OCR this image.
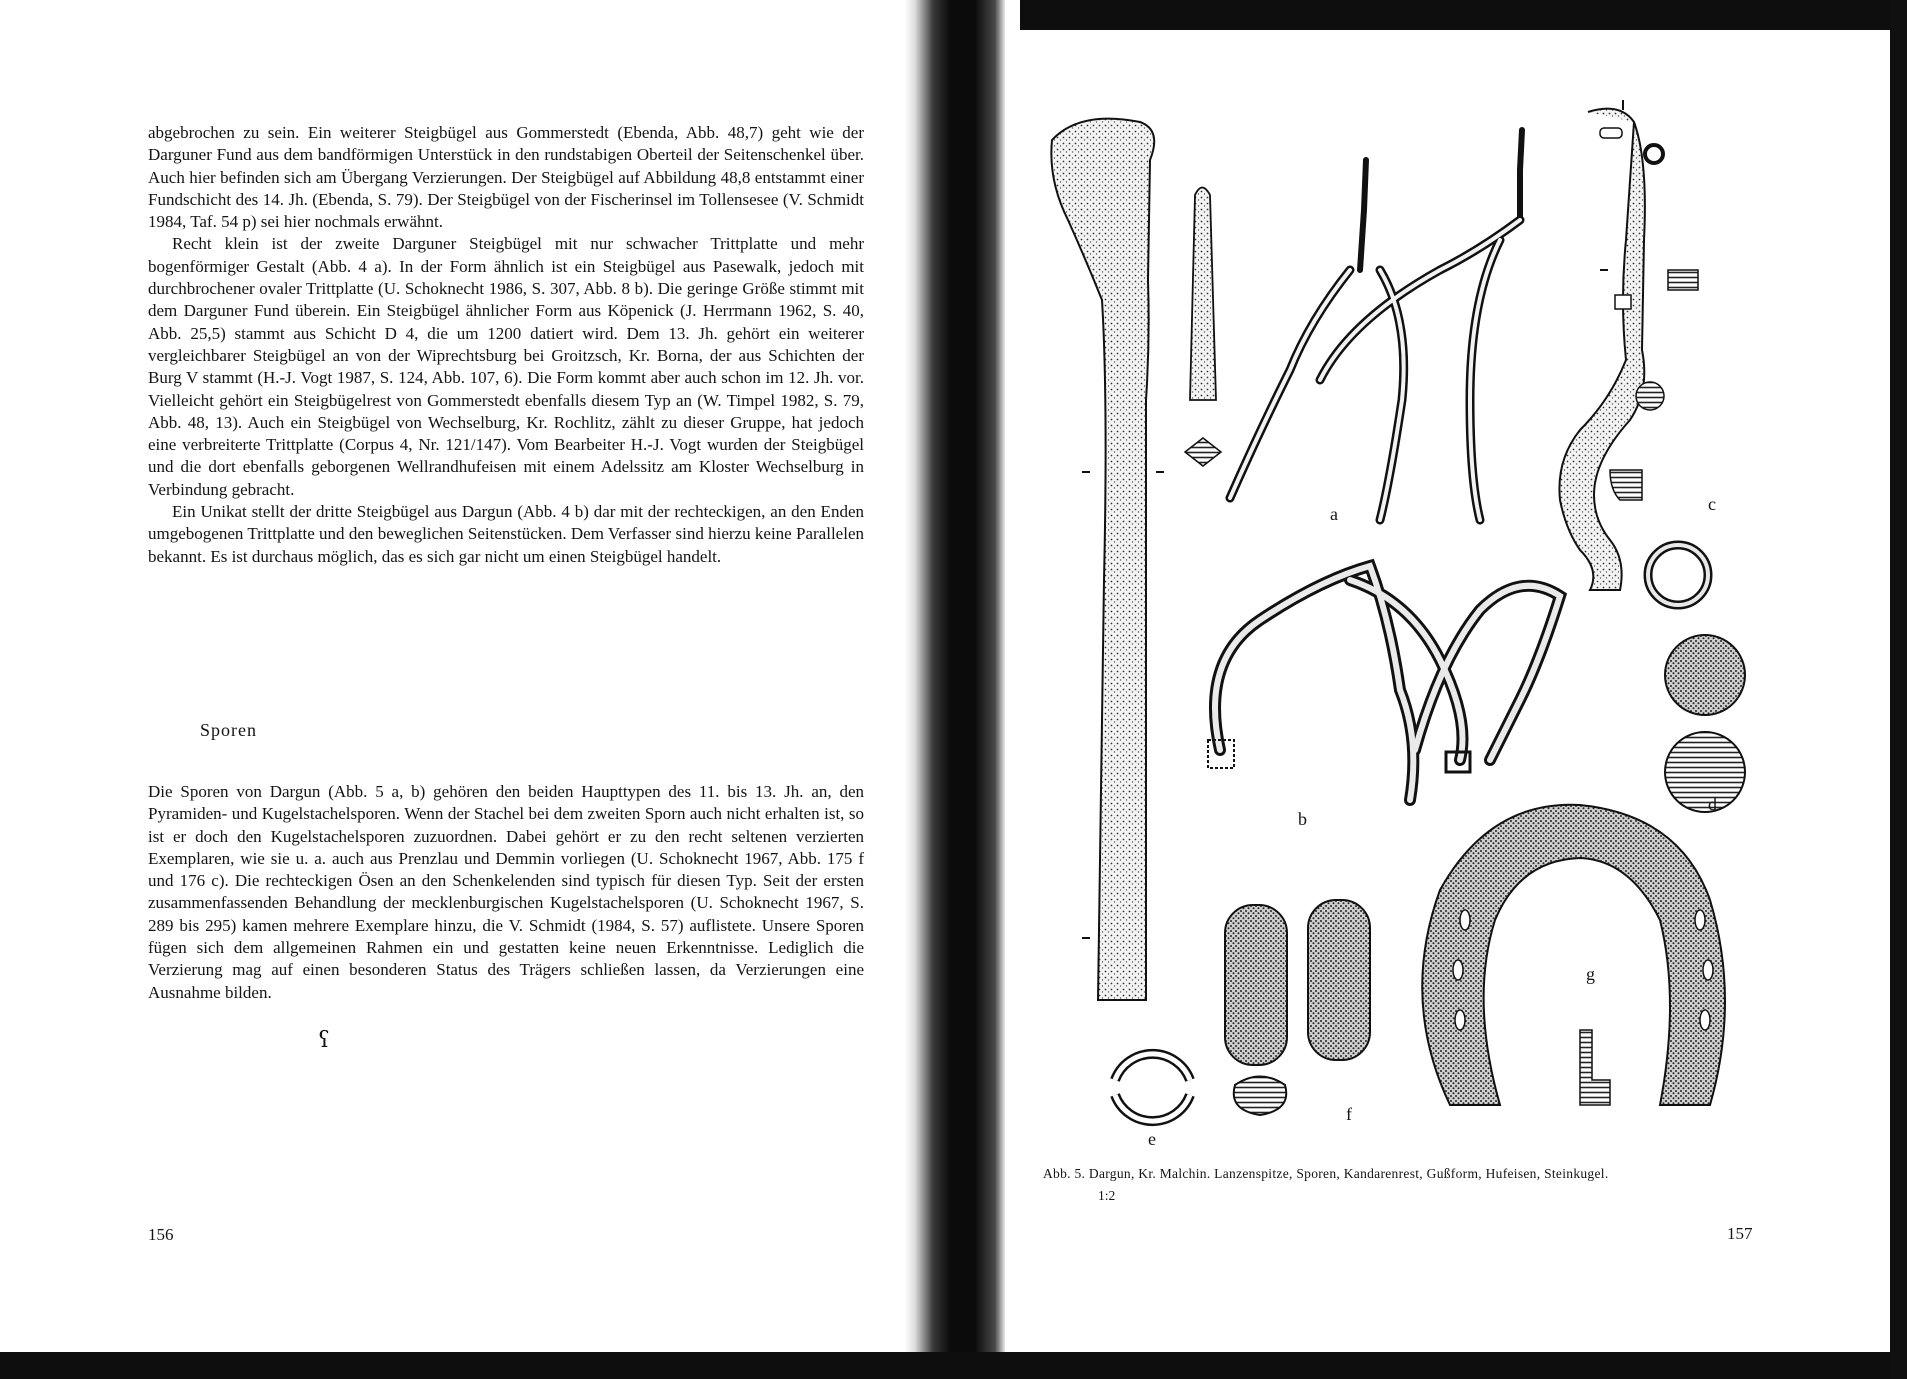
abgebrochen zu sein. Ein weiterer Steigbügel aus Gommerstedt (Ebenda, Abb. 48,7) geht wie der Darguner Fund aus dem bandförmigen Unterstück in den rundstabigen Oberteil der Seitenschenkel über. Auch hier befinden sich am Übergang Verzierungen. Der Steigbügel auf Abbildung 48,8 entstammt einer Fundschicht des 14. Jh. (Ebenda, S. 79). Der Steigbügel von der Fischerinsel im Tollensesee (V. Schmidt 1984, Taf. 54 p) sei hier nochmals erwähnt.

Recht klein ist der zweite Darguner Steigbügel mit nur schwacher Trittplatte und mehr bogenförmiger Gestalt (Abb. 4 a). In der Form ähnlich ist ein Steigbügel aus Pasewalk, jedoch mit durchbrochener ovaler Trittplatte (U. Schoknecht 1986, S. 307, Abb. 8 b). Die geringe Größe stimmt mit dem Darguner Fund überein. Ein Steigbügel ähnlicher Form aus Köpenick (J. Herrmann 1962, S. 40, Abb. 25,5) stammt aus Schicht D 4, die um 1200 datiert wird. Dem 13. Jh. gehört ein weiterer vergleichbarer Steigbügel an von der Wiprechtsburg bei Groitzsch, Kr. Borna, der aus Schichten der Burg V stammt (H.-J. Vogt 1987, S. 124, Abb. 107, 6). Die Form kommt aber auch schon im 12. Jh. vor. Vielleicht gehört ein Steigbügelrest von Gommerstedt ebenfalls diesem Typ an (W. Timpel 1982, S. 79, Abb. 48, 13). Auch ein Steigbügel von Wechselburg, Kr. Rochlitz, zählt zu dieser Gruppe, hat jedoch eine verbreiterte Trittplatte (Corpus 4, Nr. 121/147). Vom Bearbeiter H.-J. Vogt wurden der Steigbügel und die dort ebenfalls geborgenen Wellrandhufeisen mit einem Adelssitz am Kloster Wechselburg in Verbindung gebracht.

Ein Unikat stellt der dritte Steigbügel aus Dargun (Abb. 4 b) dar mit der rechteckigen, an den Enden umgebogenen Trittplatte und den beweglichen Seitenstücken. Dem Verfasser sind hierzu keine Parallelen bekannt. Es ist durchaus möglich, das es sich gar nicht um einen Steigbügel handelt.

Sporen

Die Sporen von Dargun (Abb. 5 a, b) gehören den beiden Haupttypen des 11. bis 13. Jh. an, den Pyramiden- und Kugelstachelsporen. Wenn der Stachel bei dem zweiten Sporn auch nicht erhalten ist, so ist er doch den Kugelstachelsporen zuzuordnen. Dabei gehört er zu den recht seltenen verzierten Exemplaren, wie sie u. a. auch aus Prenzlau und Demmin vorliegen (U. Schoknecht 1967, Abb. 175 f und 176 c). Die rechteckigen Ösen an den Schenkelenden sind typisch für diesen Typ. Seit der ersten zusammenfassenden Behandlung der mecklenburgischen Kugelstachelsporen (U. Schoknecht 1967, S. 289 bis 295) kamen mehrere Exemplare hinzu, die V. Schmidt (1984, S. 57) auflistete. Unsere Sporen fügen sich dem allgemeinen Rahmen ein und gestatten keine neuen Erkenntnisse. Lediglich die Verzierung mag auf einen besonderen Status des Trägers schließen lassen, da Verzierungen eine Ausnahme bilden.

ʕ
156
a
b
c
d
e
f
g
Abb. 5. Dargun, Kr. Malchin. Lanzenspitze, Sporen, Kandarenrest, Gußform, Hufeisen, Steinkugel.
1:2
157
